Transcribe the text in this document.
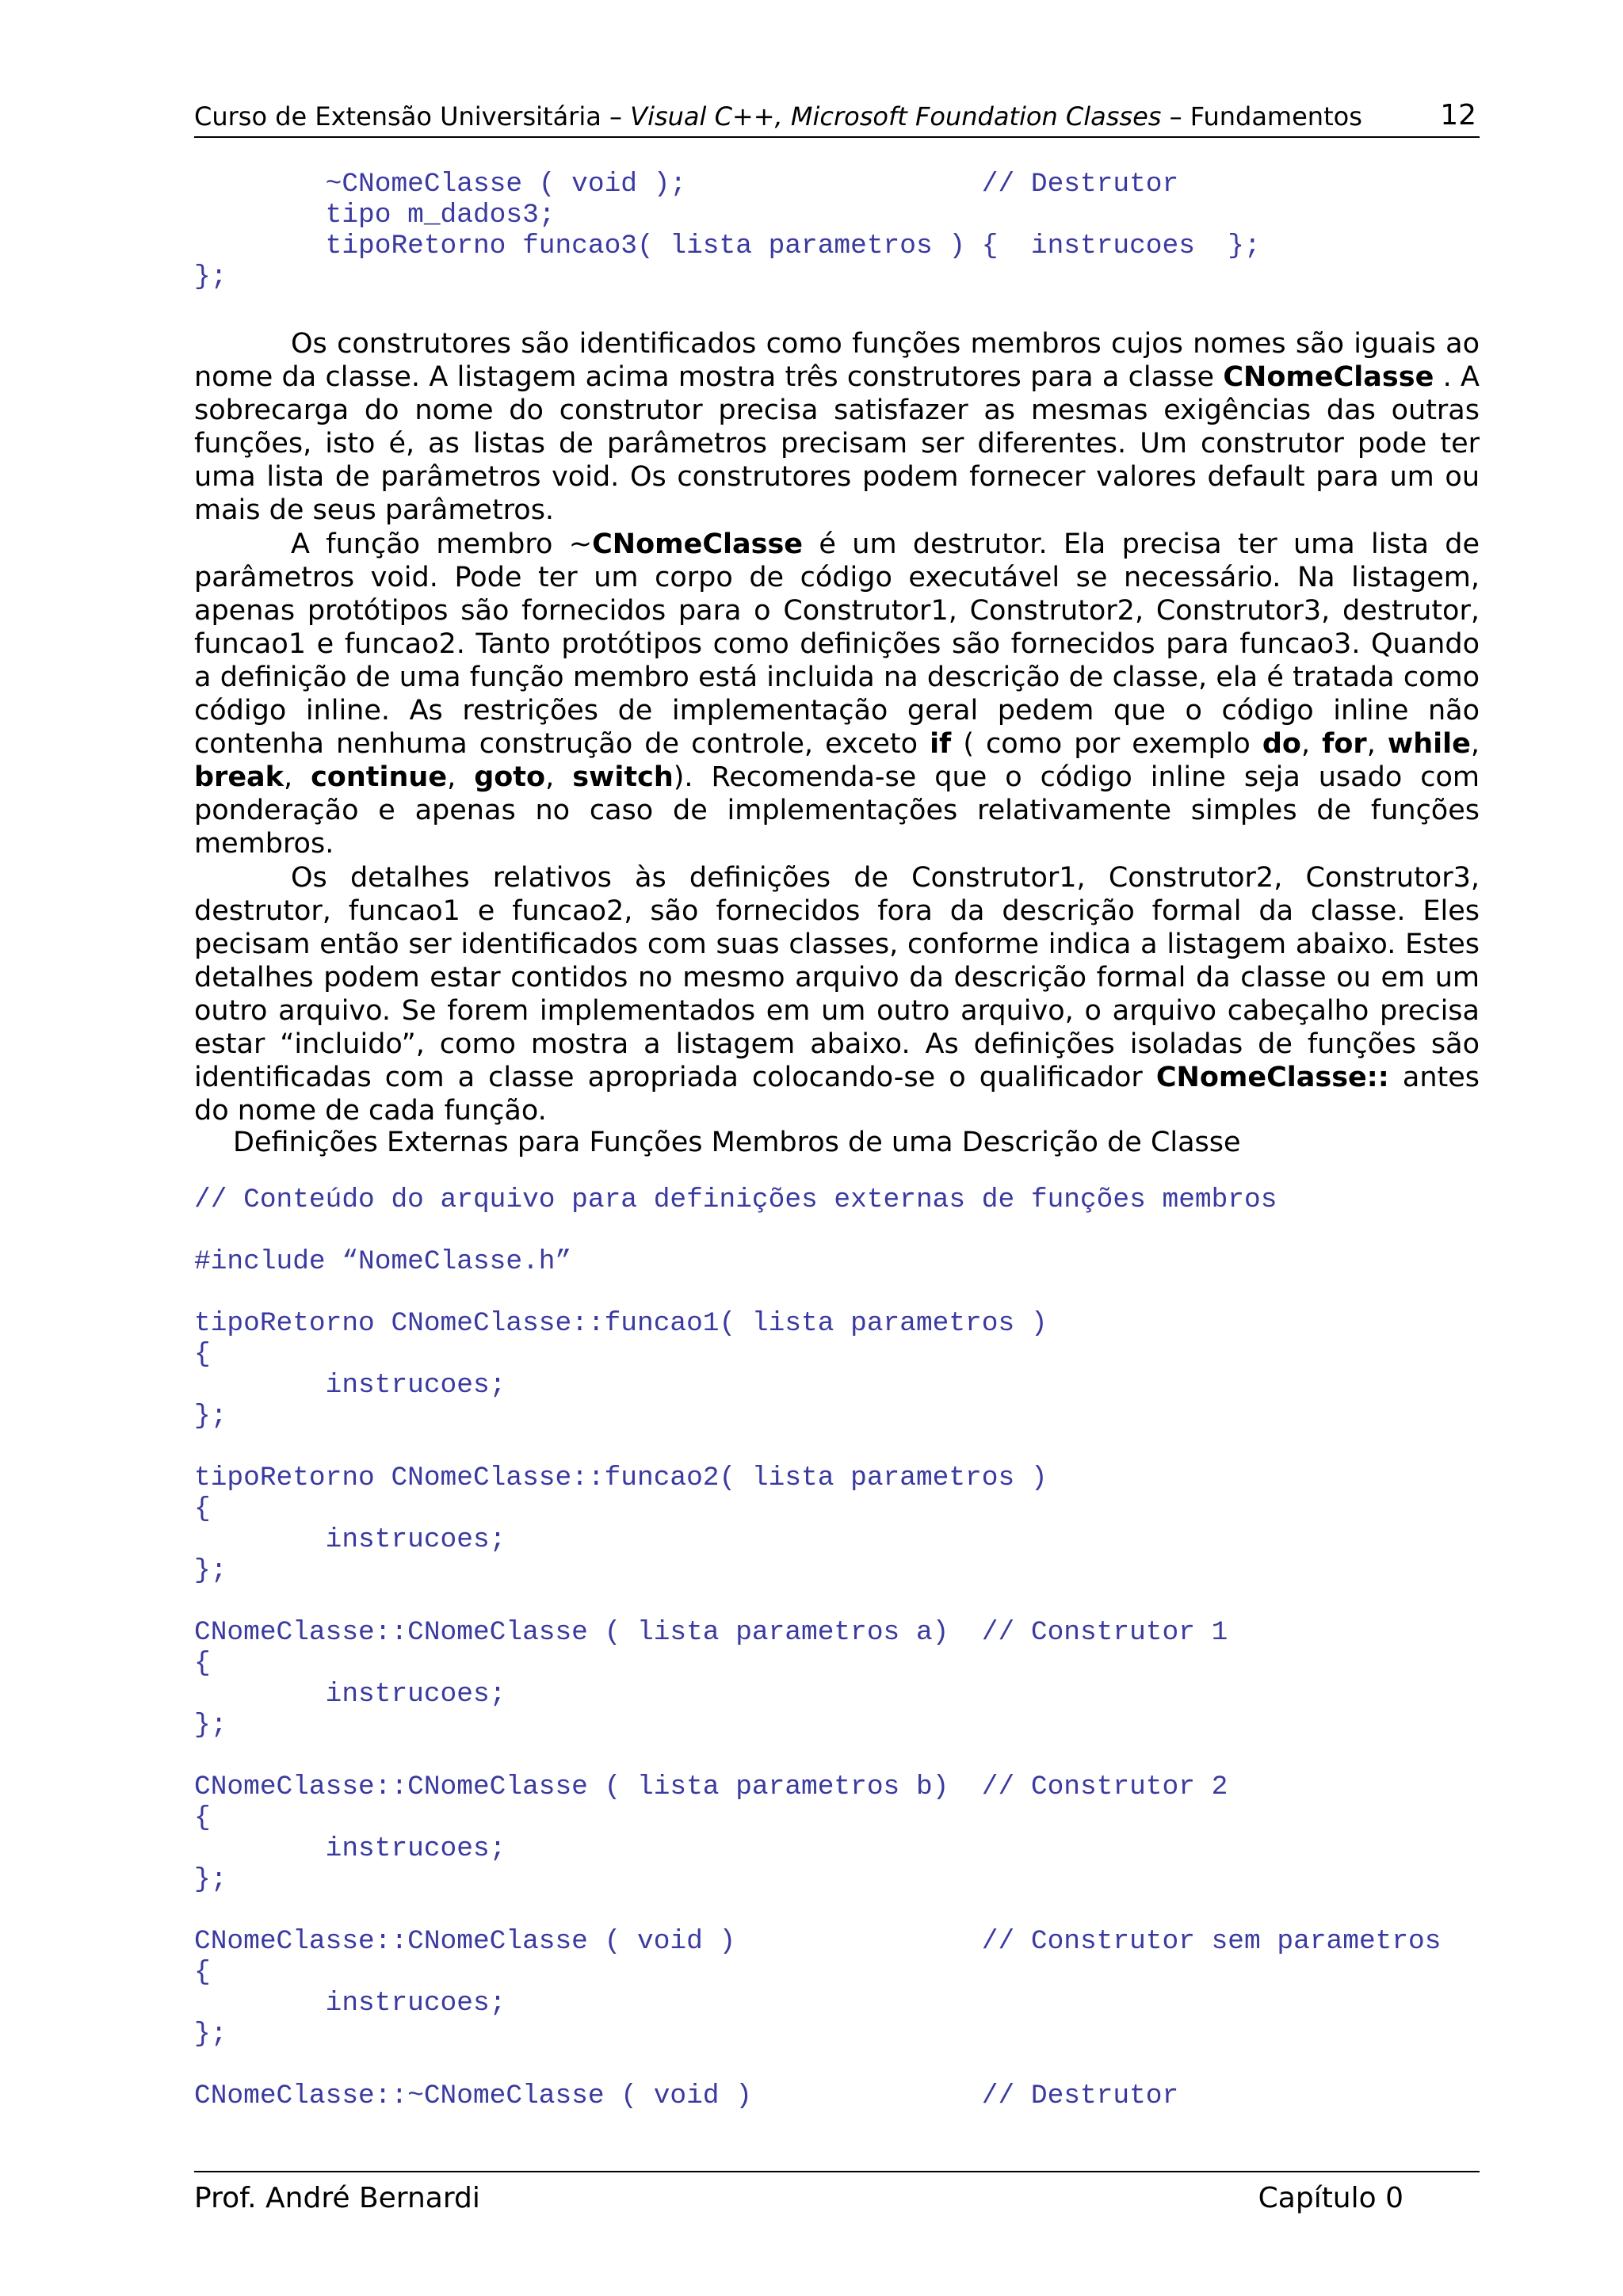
Curso de Extensão Universitária – Visual C++, Microsoft Foundation Classes – Fundamentos	12
~CNomeClasse ( void );                  // Destrutor
tipo m_dados3;
tipoRetorno funcao3( lista parametros ) {  instrucoes  };
};

Os construtores são identificados como funções membros cujos nomes são iguais ao nome da classe. A listagem acima mostra três construtores para a classe CNomeClasse . A sobrecarga do nome do construtor precisa satisfazer as mesmas exigências das outras funções, isto é, as listas de parâmetros precisam ser diferentes. Um construtor pode ter uma lista de parâmetros void. Os construtores podem fornecer valores default para um ou mais de seus parâmetros.

A função membro ~CNomeClasse é um destrutor. Ela precisa ter uma lista de parâmetros void. Pode ter um corpo de código executável se necessário. Na listagem, apenas protótipos são fornecidos para o Construtor1, Construtor2, Construtor3, destrutor, funcao1 e funcao2. Tanto protótipos como definições são fornecidos para funcao3. Quando a definição de uma função membro está incluida na descrição de classe, ela é tratada como código inline. As restrições de implementação geral pedem que o código inline não contenha nenhuma construção de controle, exceto if ( como por exemplo do, for, while, break, continue, goto, switch). Recomenda-se que o código inline seja usado com ponderação e apenas no caso de implementações relativamente simples de funções membros.

Os detalhes relativos às definições de Construtor1, Construtor2, Construtor3, destrutor, funcao1 e funcao2, são fornecidos fora da descrição formal da classe. Eles pecisam então ser identificados com suas classes, conforme indica a listagem abaixo. Estes detalhes podem estar contidos no mesmo arquivo da descrição formal da classe ou em um outro arquivo. Se forem implementados em um outro arquivo, o arquivo cabeçalho precisa estar “incluido”, como mostra a listagem abaixo. As definições isoladas de funções são identificadas com a classe apropriada colocando-se o qualificador CNomeClasse:: antes do nome de cada função.

Definições Externas para Funções Membros de uma Descrição de Classe
// Conteúdo do arquivo para definições externas de funções membros

#include “NomeClasse.h”

tipoRetorno CNomeClasse::funcao1( lista parametros )
{
instrucoes;
};

tipoRetorno CNomeClasse::funcao2( lista parametros )
{
instrucoes;
};

CNomeClasse::CNomeClasse ( lista parametros a)  // Construtor 1
{
instrucoes;
};

CNomeClasse::CNomeClasse ( lista parametros b)  // Construtor 2
{
instrucoes;
};

CNomeClasse::CNomeClasse ( void )               // Construtor sem parametros
{
instrucoes;
};

CNomeClasse::~CNomeClasse ( void )              // Destrutor
Prof. André Bernardi	Capítulo 0
